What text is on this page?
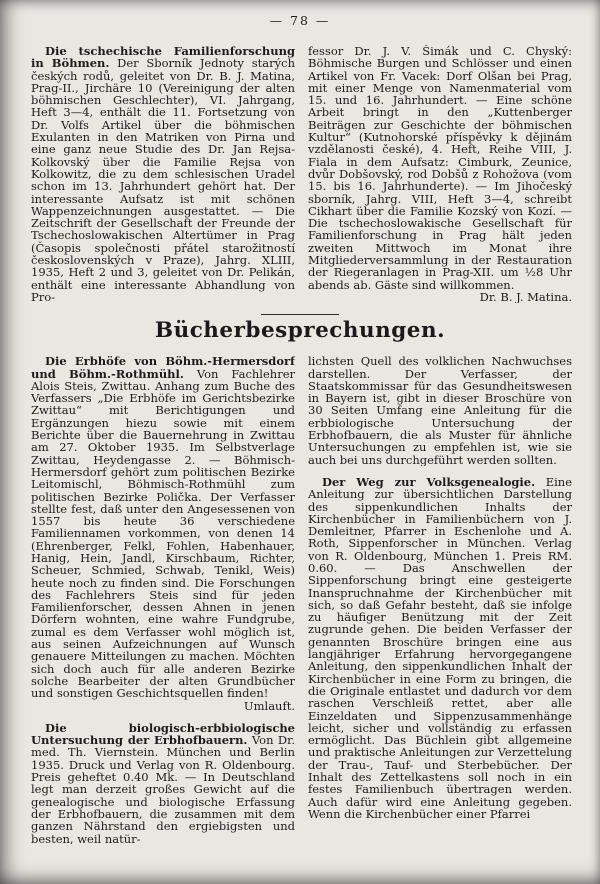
— 78 —

Die tschechische Familienforschung in Böhmen. Der Sborník Jednoty starých českých rodů, geleitet von Dr. B. J. Matina, Prag-II., Jirchäre 10 (Vereinigung der alten böhmischen Geschlechter), VI. Jahrgang, Heft 3—4, enthält die 11. Fortsetzung von Dr. Volfs Artikel über die böhmischen Exulanten in den Matriken von Pirna und eine ganz neue Studie des Dr. Jan Rejsa-Kolkovský über die Familie Rejsa von Kolkowitz, die zu dem schlesischen Uradel schon im 13. Jahrhundert gehört hat. Der interessante Aufsatz ist mit schönen Wappenzeichnungen ausgestattet. — Die Zeitschrift der Gesellschaft der Freunde der Tschechoslowakischen Altertümer in Prag (Časopis společnosti přátel starožitností československých v Praze), Jahrg. XLIII, 1935, Heft 2 und 3, geleitet von Dr. Pelikán, enthält eine interessante Abhandlung von Pro-

fessor Dr. J. V. Šimák und C. Chyský: Böhmische Burgen und Schlösser und einen Artikel von Fr. Vacek: Dorf Olšan bei Prag, mit einer Menge von Namenmaterial vom 15. und 16. Jahrhundert. — Eine schöne Arbeit bringt in den „Kuttenberger Beiträgen zur Geschichte der böhmischen Kultur“ (Kutnohorské příspěvky k dějinám vzdělanosti české), 4. Heft, Reihe VIII, J. Fiala in dem Aufsatz: Cimburk, Zeunice, dvůr Dobšovský, rod Dobšů z Rohožova (vom 15. bis 16. Jahrhunderte). — Im Jihočeský sborník, Jahrg. VIII, Heft 3—4, schreibt Cikhart über die Familie Kozský von Kozí. — Die tschechoslowakische Gesellschaft für Familienforschung in Prag hält jeden zweiten Mittwoch im Monat ihre Mitgliederversammlung in der Restauration der Riegeranlagen in Prag-XII. um ½8 Uhr abends ab. Gäste sind willkommen.
Dr. B. J. Matina.

Bücherbesprechungen.

Die Erbhöfe von Böhm.-Hermersdorf und Böhm.-Rothmühl. Von Fachlehrer Alois Steis, Zwittau. Anhang zum Buche des Verfassers „Die Erbhöfe im Gerichtsbezirke Zwittau“ mit Berichtigungen und Ergänzungen hiezu sowie mit einem Berichte über die Bauernehrung in Zwittau am 27. Oktober 1935. Im Selbstverlage Zwittau, Heydengasse 2. — Böhmisch-Hermersdorf gehört zum politischen Bezirke Leitomischl, Böhmisch-Rothmühl zum politischen Bezirke Polička. Der Verfasser stellte fest, daß unter den Angesessenen von 1557 bis heute 36 verschiedene Familiennamen vorkommen, von denen 14 (Ehrenberger, Felkl, Fohlen, Habenhauer, Hanig, Hein, Jandl, Kirschbaum, Richter, Scheuer, Schmied, Schwab, Tenikl, Weis) heute noch zu finden sind. Die Forschungen des Fachlehrers Steis sind für jeden Familienforscher, dessen Ahnen in jenen Dörfern wohnten, eine wahre Fundgrube, zumal es dem Verfasser wohl möglich ist, aus seinen Aufzeichnungen auf Wunsch genauere Mitteilungen zu machen. Möchten sich doch auch für alle anderen Bezirke solche Bearbeiter der alten Grundbücher und sonstigen Geschichtsquellen finden!
Umlauft.

Die biologisch-erbbiologische Untersuchung der Erbhofbauern. Von Dr. med. Th. Viernstein. München und Berlin 1935. Druck und Verlag von R. Oldenbourg. Preis geheftet 0.40 Mk. — In Deutschland legt man derzeit großes Gewicht auf die genealogische und biologische Erfassung der Erbhofbauern, die zusammen mit dem ganzen Nährstand den ergiebigsten und besten, weil natür-

lichsten Quell des volklichen Nachwuchses darstellen. Der Verfasser, der Staatskommissar für das Gesundheitswesen in Bayern ist, gibt in dieser Broschüre von 30 Seiten Umfang eine Anleitung für die erbbiologische Untersuchung der Erbhofbauern, die als Muster für ähnliche Untersuchungen zu empfehlen ist, wie sie auch bei uns durchgeführt werden sollten.

Der Weg zur Volksgenealogie. Eine Anleitung zur übersichtlichen Darstellung des sippenkundlichen Inhalts der Kirchenbücher in Familienbüchern von J. Demleitner, Pfarrer in Eschenlohe und A. Roth, Sippenforscher in München. Verlag von R. Oldenbourg, München 1. Preis RM. 0.60. — Das Anschwellen der Sippenforschung bringt eine gesteigerte Inanspruchnahme der Kirchenbücher mit sich, so daß Gefahr besteht, daß sie infolge zu häufiger Benützung mit der Zeit zugrunde gehen. Die beiden Verfasser der genannten Broschüre bringen eine aus langjähriger Erfahrung hervorgegangene Anleitung, den sippenkundlichen Inhalt der Kirchenbücher in eine Form zu bringen, die die Originale entlastet und dadurch vor dem raschen Verschleiß rettet, aber alle Einzeldaten und Sippenzusammenhänge leicht, sicher und vollständig zu erfassen ermöglicht. Das Büchlein gibt allgemeine und praktische Anleitungen zur Verzettelung der Trau-, Tauf- und Sterbebücher. Der Inhalt des Zettelkastens soll noch in ein festes Familienbuch übertragen werden. Auch dafür wird eine Anleitung gegeben. Wenn die Kirchenbücher einer Pfarrei
